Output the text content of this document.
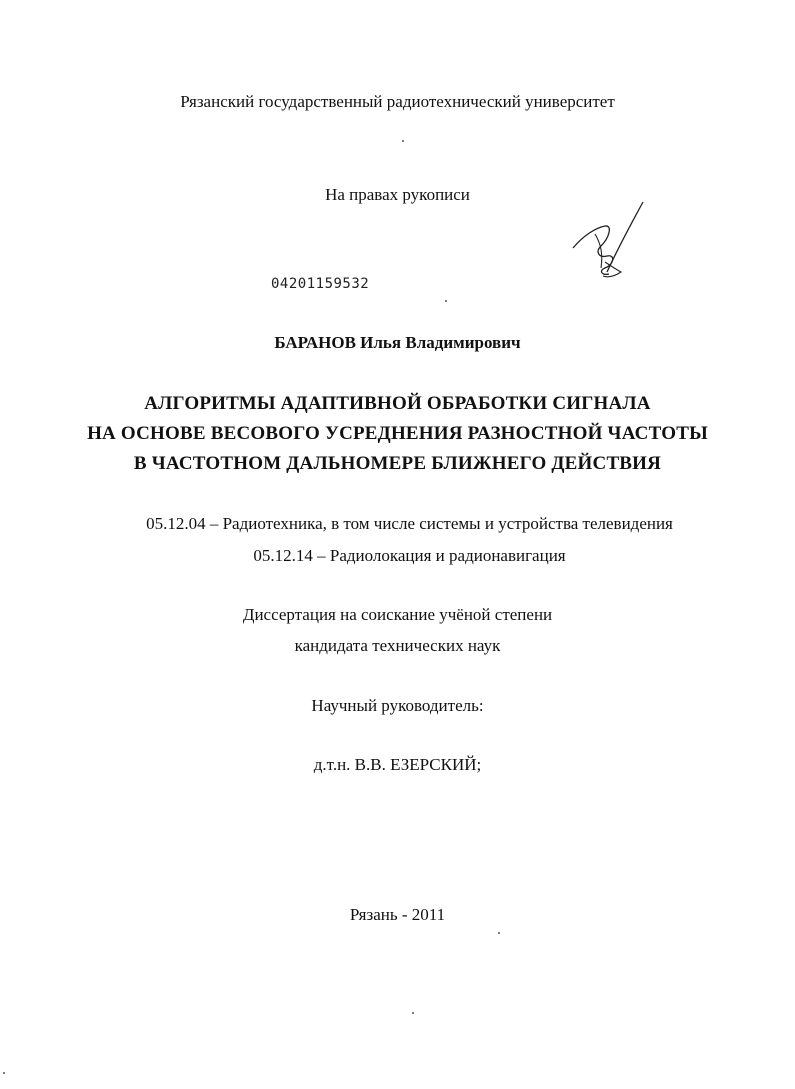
Рязанский государственный радиотехнический университет
На правах рукописи
04201159532
БАРАНОВ Илья Владимирович
АЛГОРИТМЫ АДАПТИВНОЙ ОБРАБОТКИ СИГНАЛА
НА ОСНОВЕ ВЕСОВОГО УСРЕДНЕНИЯ РАЗНОСТНОЙ ЧАСТОТЫ
В ЧАСТОТНОМ ДАЛЬНОМЕРЕ БЛИЖНЕГО ДЕЙСТВИЯ
05.12.04 – Радиотехника, в том числе системы и устройства телевидения
05.12.14 – Радиолокация и радионавигация
Диссертация на соискание учёной степени
кандидата технических наук
Научный руководитель:
д.т.н. В.В. ЕЗЕРСКИЙ;
Рязань - 2011
